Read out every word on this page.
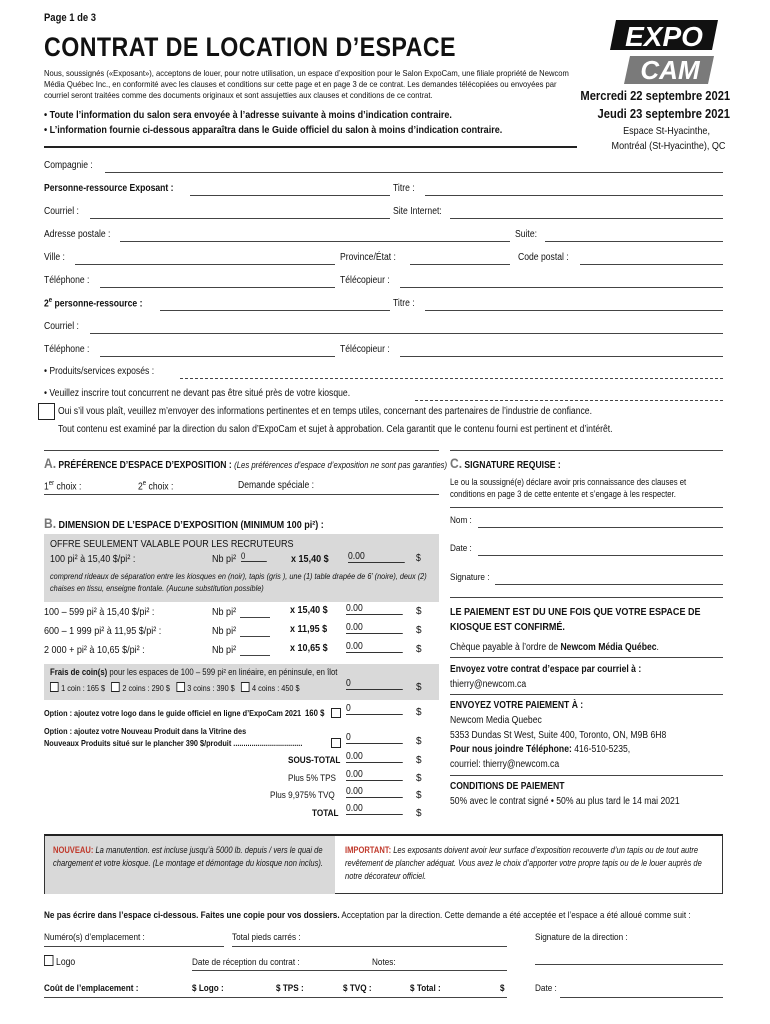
Page 1 de 3
CONTRAT DE LOCATION D’ESPACE
Nous, soussignés («Exposant»), acceptons de louer, pour notre utilisation, un espace d’exposition pour le Salon ExpoCam, une filiale propriété de Newcom Média Québec Inc., en conformité avec les clauses et conditions sur cette page et en page 3 de ce contrat. Les demandes télécopiées ou envoyées par courriel seront traitées comme des documents originaux et sont assujetties aux clauses et conditions de ce contrat.
• Toute l’information du salon sera envoyée à l’adresse suivante à moins d’indication contraire.
• L’information fournie ci-dessous apparaîtra dans le Guide officiel du salon à moins d’indication contraire.
EXPO
CAM
Mercredi 22 septembre 2021
Jeudi 23 septembre 2021
Espace St-Hyacinthe,
Montréal (St-Hyacinthe), QC
Compagnie :
Personne-ressource Exposant :	Titre :
Courriel :	Site Internet:
Adresse postale :	Suite:
Ville :	Province/État :	Code postal :
Téléphone :	Télécopieur :
2e personne-ressource :	Titre :
Courriel :
Téléphone :	Télécopieur :
• Produits/services exposés :
• Veuillez inscrire tout concurrent ne devant pas être situé près de votre kiosque.
Oui s’il vous plaît, veuillez m’envoyer des informations pertinentes et en temps utiles, concernant des partenaires de l’industrie de confiance.
Tout contenu est examiné par la direction du salon d’ExpoCam et sujet à approbation. Cela garantit que le contenu fourni est pertinent et d’intérêt.
A. PRÉFÉRENCE D’ESPACE D’EXPOSITION : (Les préférences d’espace d’exposition ne sont pas garanties)
1er choix :	2e choix :	Demande spéciale :
B. DIMENSION DE L’ESPACE D’EXPOSITION (MINIMUM 100 pi²) :
OFFRE SEULEMENT VALABLE POUR LES RECRUTEURS
100 pi² à 15,40 $/pi² :	Nb pi² 0	x 15,40 $ 0.00	$
comprend rideaux de séparation entre les kiosques en (noir), tapis (gris ), une (1) table drapée de 6’ (noire), deux (2) chaises en tissu, enseigne frontale. (Aucune substitution possible)
100 – 599 pi² à 15,40 $/pi² :	Nb pi²	x 15,40 $ 0.00	$
600 – 1 999 pi² à 11,95 $/pi² :	Nb pi²	x 11,95 $ 0.00	$
2 000 + pi² à 10,65 $/pi² :	Nb pi²	x 10,65 $ 0.00	$
Frais de coin(s) pour les espaces de 100 – 599 pi² en linéaire, en péninsule, en îlot
1 coin : 165 $ 2 coins : 290 $ 3 coins : 390 $ 4 coins : 450 $	0	$
Option : ajoutez votre logo dans le guide officiel en ligne d’ExpoCam 2021 160 $ 0	$
Option : ajoutez votre Nouveau Produit dans la Vitrine des
Nouveaux Produits situé sur le plancher 390 $/produit ..................................	0	$
SOUS-TOTAL 0.00	$
Plus 5% TPS 0.00	$
Plus 9,975% TVQ 0.00	$
TOTAL 0.00	$
C. SIGNATURE REQUISE :
Le ou la soussigné(e) déclare avoir pris connaissance des clauses et conditions en page 3 de cette entente et s’engage à les respecter.
Nom :
Date :
Signature :
LE PAIEMENT EST DU UNE FOIS QUE VOTRE ESPACE DE KIOSQUE EST CONFIRMÉ.
Chèque payable à l’ordre de Newcom Média Québec.
Envoyez votre contrat d’espace par courriel à :
thierry@newcom.ca
ENVOYEZ VOTRE PAIEMENT À :
Newcom Media Quebec
5353 Dundas St West, Suite 400, Toronto, ON, M9B 6H8
Pour nous joindre Téléphone: 416-510-5235,
courriel: thierry@newcom.ca
CONDITIONS DE PAIEMENT
50% avec le contrat signé • 50% au plus tard le 14 mai 2021
NOUVEAU: La manutention. est incluse jusqu’à 5000 lb. depuis / vers le quai de chargement et votre kiosque. (Le montage et démontage du kiosque non inclus).
IMPORTANT: Les exposants doivent avoir leur surface d’exposition recouverte d’un tapis ou de tout autre revêtement de plancher adéquat. Vous avez le choix d’apporter votre propre tapis ou de le louer auprès de notre décorateur officiel.
Ne pas écrire dans l’espace ci-dessous. Faites une copie pour vos dossiers. Acceptation par la direction. Cette demande a été acceptée et l’espace a été alloué comme suit :
Numéro(s) d’emplacement :	Total pieds carrés :	Signature de la direction :
Logo	Date de réception du contrat :	Notes:
Coût de l’emplacement :	$ Logo :	$ TPS :	$ TVQ :	$ Total :	$	Date :
